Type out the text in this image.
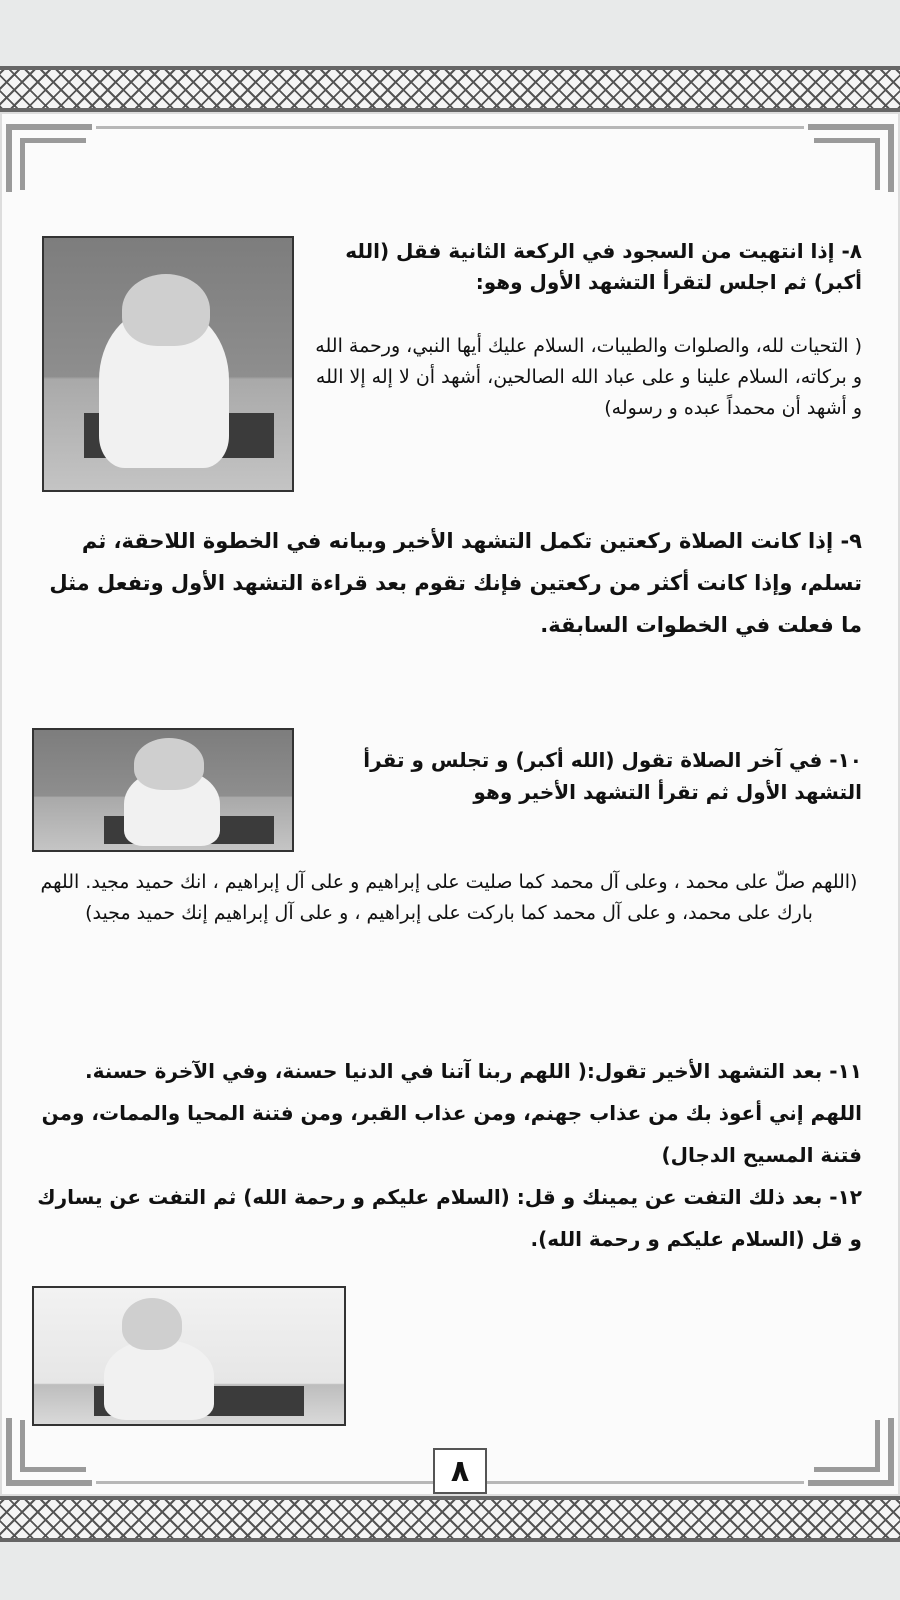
٨- إذا انتهيت من السجود في الركعة الثانية فقل (الله أكبر) ثم اجلس لتقرأ التشهد الأول وهو:

( التحيات لله، والصلوات والطيبات، السلام عليك أيها النبي، ورحمة الله و بركاته، السلام علينا و على عباد الله الصالحين، أشهد أن لا إله إلا الله و أشهد أن محمداً عبده و رسوله)

٩- إذا كانت الصلاة ركعتين تكمل التشهد الأخير وبيانه في الخطوة اللاحقة، ثم تسلم، وإذا كانت أكثر من ركعتين فإنك تقوم بعد قراءة التشهد الأول وتفعل مثل ما فعلت في الخطوات السابقة.

١٠- في آخر الصلاة تقول (الله أكبر) و تجلس و تقرأ التشهد الأول ثم تقرأ التشهد الأخير وهو

(اللهم صلّ على محمد ، وعلى آل محمد كما صليت على إبراهيم و على آل إبراهيم ، انك حميد مجيد. اللهم بارك على محمد، و على آل محمد كما باركت على إبراهيم ، و على آل إبراهيم إنك حميد مجيد)

١١- بعد التشهد الأخير تقول:( اللهم ربنا آتنا في الدنيا حسنة، وفي الآخرة حسنة. اللهم إني أعوذ بك من عذاب جهنم، ومن عذاب القبر، ومن فتنة المحيا والممات، ومن فتنة المسيح الدجال)

١٢- بعد ذلك التفت عن يمينك و قل: (السلام عليكم و رحمة الله) ثم التفت عن يسارك و قل (السلام عليكم و رحمة الله).

٨
